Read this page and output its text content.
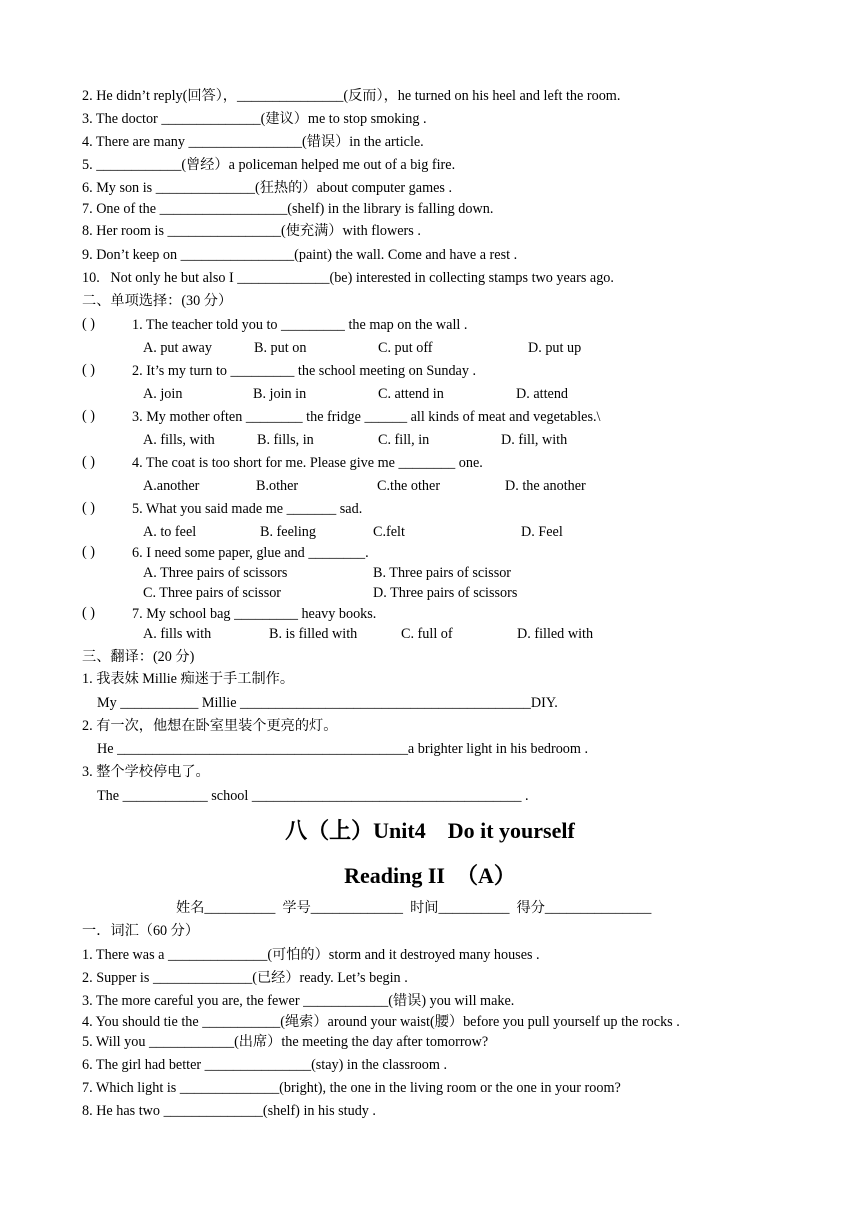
2. He didn’t reply(回答），_______________(反而），he turned on his heel and left the room.
3. The doctor ______________(建议）me to stop smoking .
4. There are many ________________(错误）in the article.
5. ____________(曾经）a policeman helped me out of a big fire.
6. My son is ______________(狂热的）about computer games .
7. One of the __________________(shelf) in the library is falling down.
8. Her room is ________________(使充满）with flowers .
9. Don’t keep on ________________(paint) the wall. Come and have a rest .
10.   Not only he but also I _____________(be) interested in collecting stamps two years ago.
二、单项选择：(30 分）
( )	1. The teacher told you to _________ the map on the wall .
A. put away	B. put on	C. put off	D. put up
( )	2. It’s my turn to _________ the school meeting on Sunday .
A. join	B. join in	C. attend in	D. attend
( )	3. My mother often ________ the fridge ______ all kinds of meat and vegetables.\
A. fills, with	B. fills, in	C. fill, in	D. fill, with
( )	4. The coat is too short for me. Please give me ________ one.
A.another	B.other	C.the other	D. the another
( )	5. What you said made me _______ sad.
A. to feel	B. feeling	C.felt	D. Feel
( )	6. I need some paper, glue and ________.
A. Three pairs of scissors	B. Three pairs of scissor
C. Three pairs of scissor	D. Three pairs of scissors
( )	7. My school bag _________ heavy books.
A. fills with	B. is filled with	C. full of	D. filled with
三、翻译：(20 分)
1. 我表妹 Millie 痴迷于手工制作。
My ___________ Millie _________________________________________DIY.
2. 有一次，他想在卧室里装个更亮的灯。
He _________________________________________a brighter light in his bedroom .
3. 整个学校停电了。
The ____________ school ______________________________________ .
八（上）Unit4    Do it yourself
Reading II  （A）
姓名__________  学号_____________  时间__________  得分_______________
一．词汇（60 分）
1. There was a ______________(可怕的）storm and it destroyed many houses .
2. Supper is ______________(已经）ready. Let’s begin .
3. The more careful you are, the fewer ____________(错误) you will make.
4. You should tie the ___________(绳索）around your waist(腰）before you pull yourself up the rocks .
5. Will you ____________(出席）the meeting the day after tomorrow?
6. The girl had better _______________(stay) in the classroom .
7. Which light is ______________(bright), the one in the living room or the one in your room?
8. He has two ______________(shelf) in his study .
